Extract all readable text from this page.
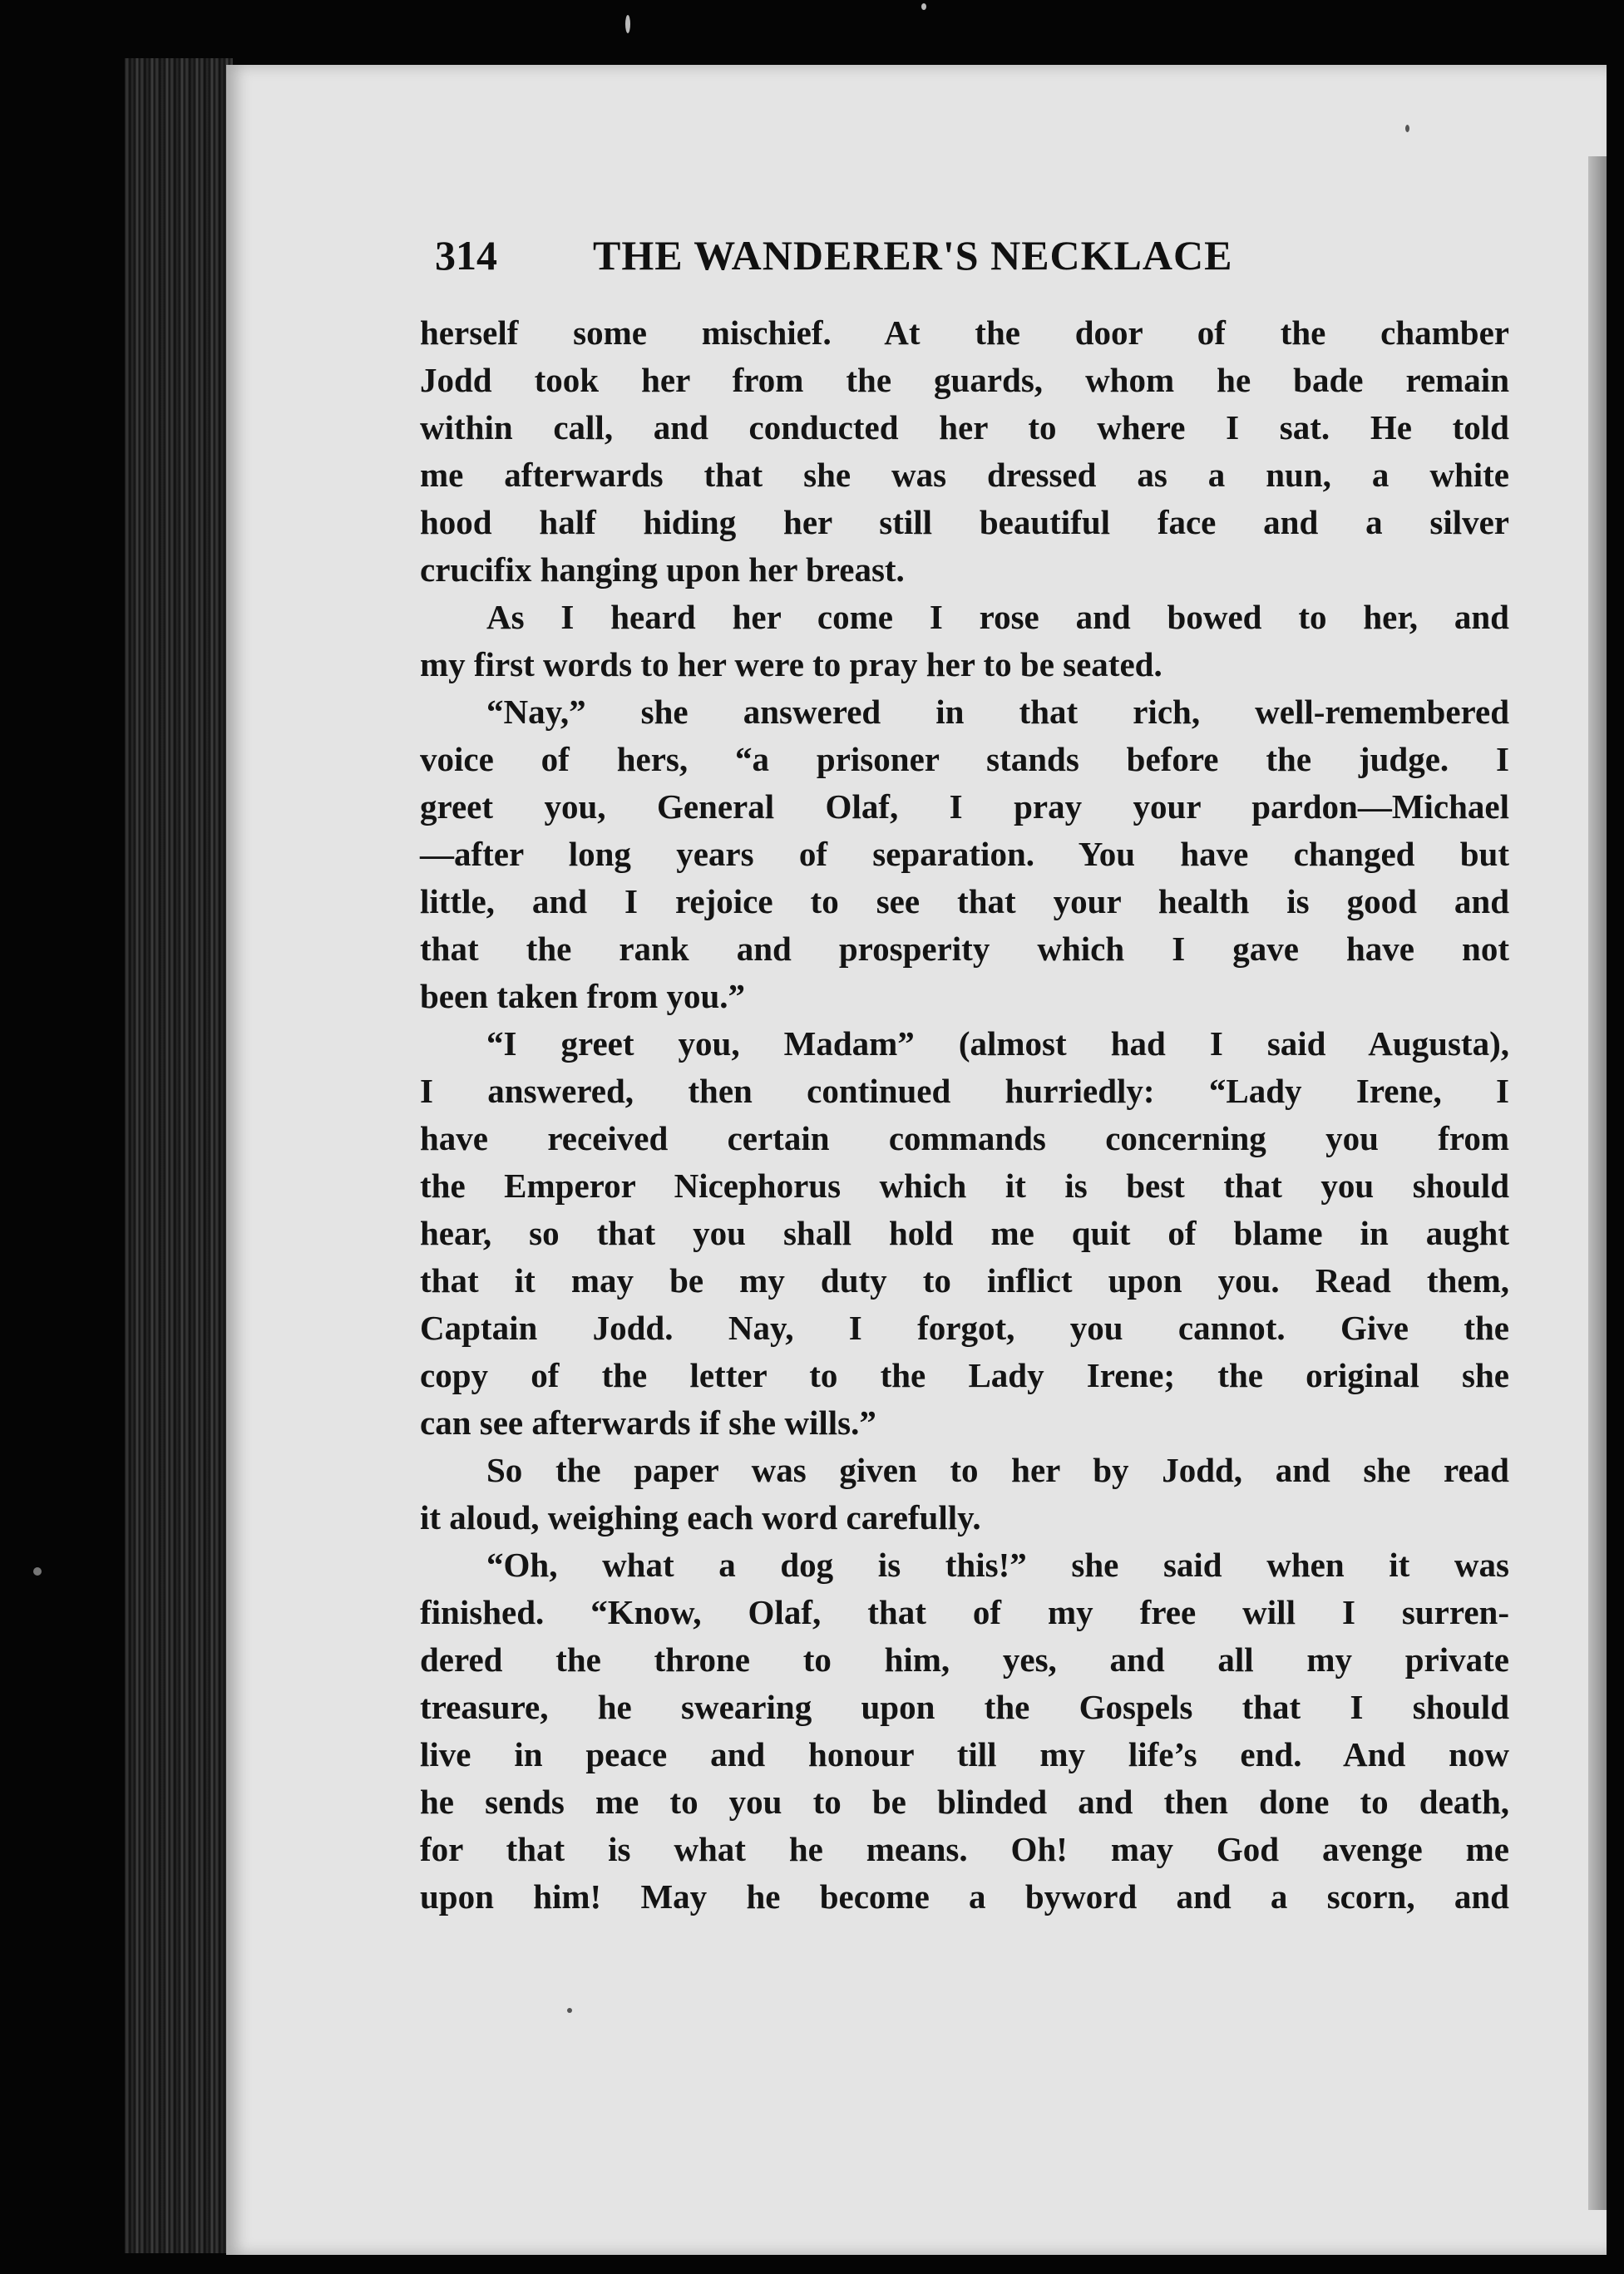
314 THE WANDERER'S NECKLACE
herself some mischief. At the door of the chamber
Jodd took her from the guards, whom he bade remain
within call, and conducted her to where I sat. He told
me afterwards that she was dressed as a nun, a white
hood half hiding her still beautiful face and a silver
crucifix hanging upon her breast.
As I heard her come I rose and bowed to her, and
my first words to her were to pray her to be seated.
“Nay,” she answered in that rich, well-remembered
voice of hers, “a prisoner stands before the judge. I
greet you, General Olaf, I pray your pardon—Michael
—after long years of separation. You have changed but
little, and I rejoice to see that your health is good and
that the rank and prosperity which I gave have not
been taken from you.”
“I greet you, Madam” (almost had I said Augusta),
I answered, then continued hurriedly: “Lady Irene, I
have received certain commands concerning you from
the Emperor Nicephorus which it is best that you should
hear, so that you shall hold me quit of blame in aught
that it may be my duty to inflict upon you. Read them,
Captain Jodd. Nay, I forgot, you cannot. Give the
copy of the letter to the Lady Irene; the original she
can see afterwards if she wills.”
So the paper was given to her by Jodd, and she read
it aloud, weighing each word carefully.
“Oh, what a dog is this!” she said when it was
finished. “Know, Olaf, that of my free will I surren-
dered the throne to him, yes, and all my private
treasure, he swearing upon the Gospels that I should
live in peace and honour till my life’s end. And now
he sends me to you to be blinded and then done to death,
for that is what he means. Oh! may God avenge me
upon him! May he become a byword and a scorn, and
